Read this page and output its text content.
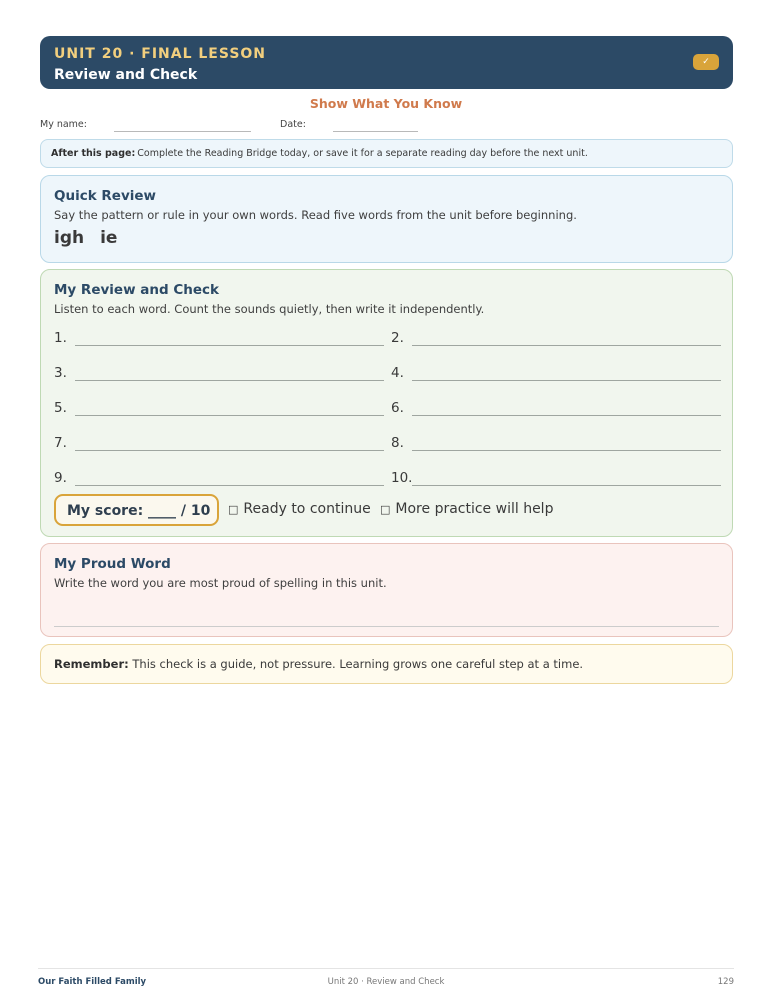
UNIT 20 · FINAL LESSON
Review and Check
✓
Show What You Know
My name:	Date:
After this page: Complete the Reading Bridge today, or save it for a separate reading day before the next unit.
Quick Review
Say the pattern or rule in your own words. Read five words from the unit before beginning.
igh ie
My Review and Check
Listen to each word. Count the sounds quietly, then write it independently.
1.	2.
3.	4.
5.	6.
7.	8.
9.	10.
My score: ____ / 10	□ Ready to continue □ More practice will help
My Proud Word
Write the word you are most proud of spelling in this unit.
Remember: This check is a guide, not pressure. Learning grows one careful step at a time.
Our Faith Filled Family	Unit 20 · Review and Check	129
